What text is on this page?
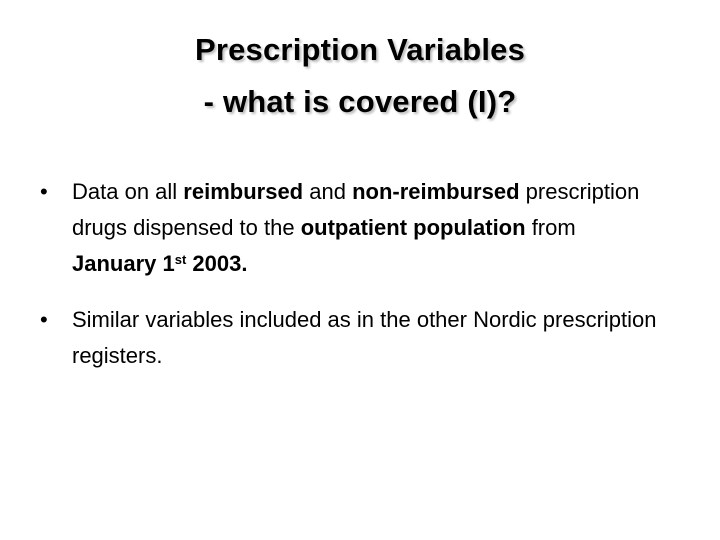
Prescription Variables
- what is covered (I)?
•	Data on all reimbursed and non-reimbursed prescription drugs dispensed to the outpatient population from January 1st 2003.
•	Similar variables included as in the other Nordic prescription registers.
